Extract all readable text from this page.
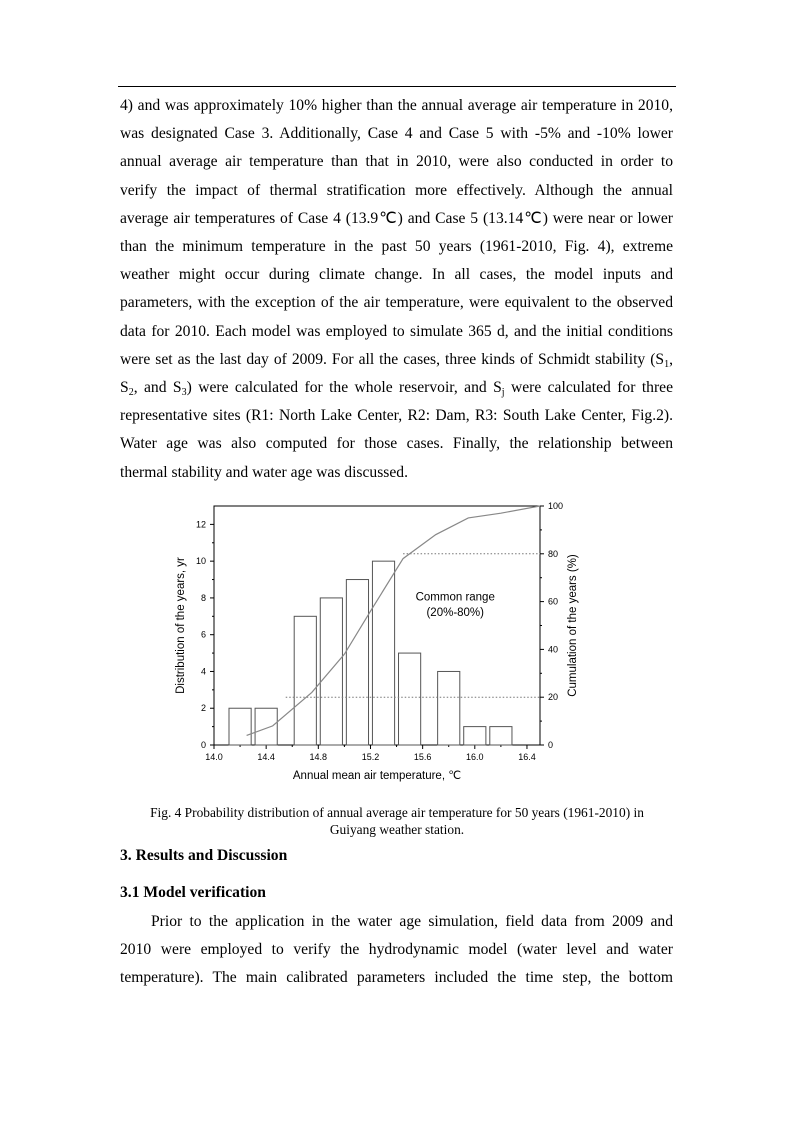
4) and was approximately 10% higher than the annual average air temperature in 2010,
was designated Case 3. Additionally, Case 4 and Case 5 with -5% and -10% lower
annual average air temperature than that in 2010, were also conducted in order to
verify the impact of thermal stratification more effectively. Although the annual
average air temperatures of Case 4 (13.9℃) and Case 5 (13.14℃) were near or lower
than the minimum temperature in the past 50 years (1961-2010, Fig. 4), extreme
weather might occur during climate change. In all cases, the model inputs and
parameters, with the exception of the air temperature, were equivalent to the observed
data for 2010. Each model was employed to simulate 365 d, and the initial conditions
were set as the last day of 2009. For all the cases, three kinds of Schmidt stability ($S_1$,
$S_2$, and $S_3$) were calculated for the whole reservoir, and $S_j$ were calculated for three
representative sites (R1: North Lake Center, R2: Dam, R3: South Lake Center, Fig.2).
Water age was also computed for those cases. Finally, the relationship between
thermal stability and water age was discussed.
14.0	14.4	14.8	15.2	15.6	16.0	16.4
0
2
4
6
8
10
12
0
20
40
60
80
100
Common range
(20%-80%)
Annual mean air temperature, ℃
Distribution of the years, yr	Cumulation of the years (%)
Fig. 4 Probability distribution of annual average air temperature for 50 years (1961-2010) in
Guiyang weather station.
3. Results and Discussion
3.1 Model verification
Prior to the application in the water age simulation, field data from 2009 and
2010 were employed to verify the hydrodynamic model (water level and water
temperature). The main calibrated parameters included the time step, the bottom
